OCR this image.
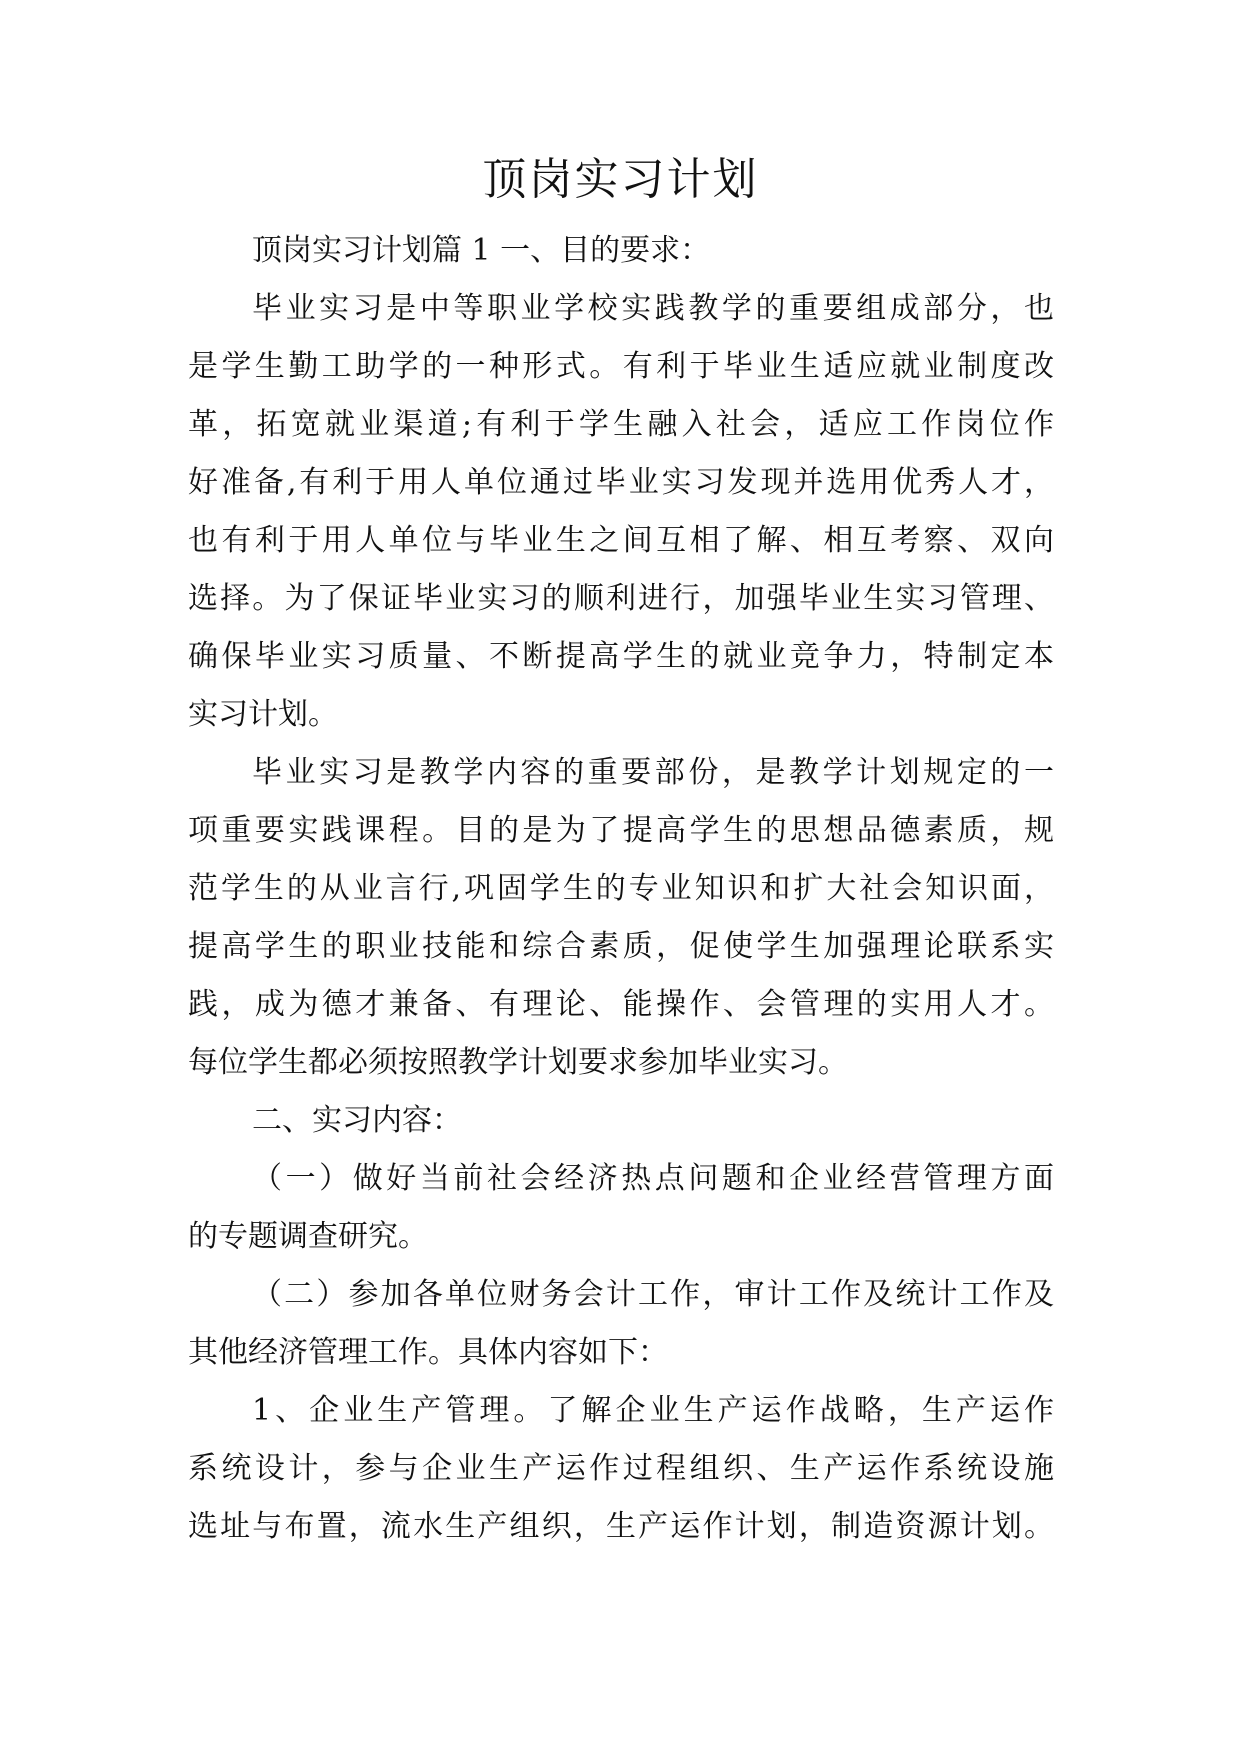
顶岗实习计划
顶岗实习计划篇 1 一、目的要求：
毕业实习是中等职业学校实践教学的重要组成部分，也
是学生勤工助学的一种形式。有利于毕业生适应就业制度改
革，拓宽就业渠道;有利于学生融入社会，适应工作岗位作
好准备,有利于用人单位通过毕业实习发现并选用优秀人才，
也有利于用人单位与毕业生之间互相了解、相互考察、双向
选择。为了保证毕业实习的顺利进行，加强毕业生实习管理、
确保毕业实习质量、不断提高学生的就业竞争力，特制定本
实习计划。
毕业实习是教学内容的重要部份，是教学计划规定的一
项重要实践课程。目的是为了提高学生的思想品德素质，规
范学生的从业言行,巩固学生的专业知识和扩大社会知识面，
提高学生的职业技能和综合素质，促使学生加强理论联系实
践，成为德才兼备、有理论、能操作、会管理的实用人才。
每位学生都必须按照教学计划要求参加毕业实习。
二、实习内容：
（一）做好当前社会经济热点问题和企业经营管理方面
的专题调查研究。
（二）参加各单位财务会计工作，审计工作及统计工作及
其他经济管理工作。具体内容如下：
1、企业生产管理。了解企业生产运作战略，生产运作
系统设计，参与企业生产运作过程组织、生产运作系统设施
选址与布置，流水生产组织，生产运作计划，制造资源计划。
